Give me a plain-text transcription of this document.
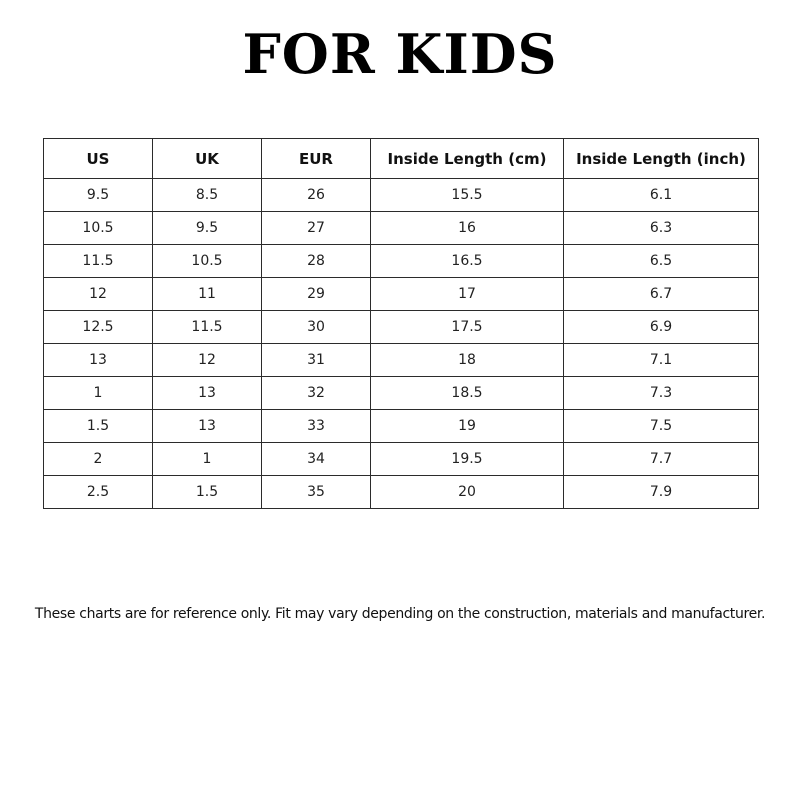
FOR KIDS
US	UK	EUR	Inside Length (cm)	Inside Length (inch)
9.5	8.5	26	15.5	6.1
10.5	9.5	27	16	6.3
11.5	10.5	28	16.5	6.5
12	11	29	17	6.7
12.5	11.5	30	17.5	6.9
13	12	31	18	7.1
1	13	32	18.5	7.3
1.5	13	33	19	7.5
2	1	34	19.5	7.7
2.5	1.5	35	20	7.9
These charts are for reference only. Fit may vary depending on the construction, materials and manufacturer.
